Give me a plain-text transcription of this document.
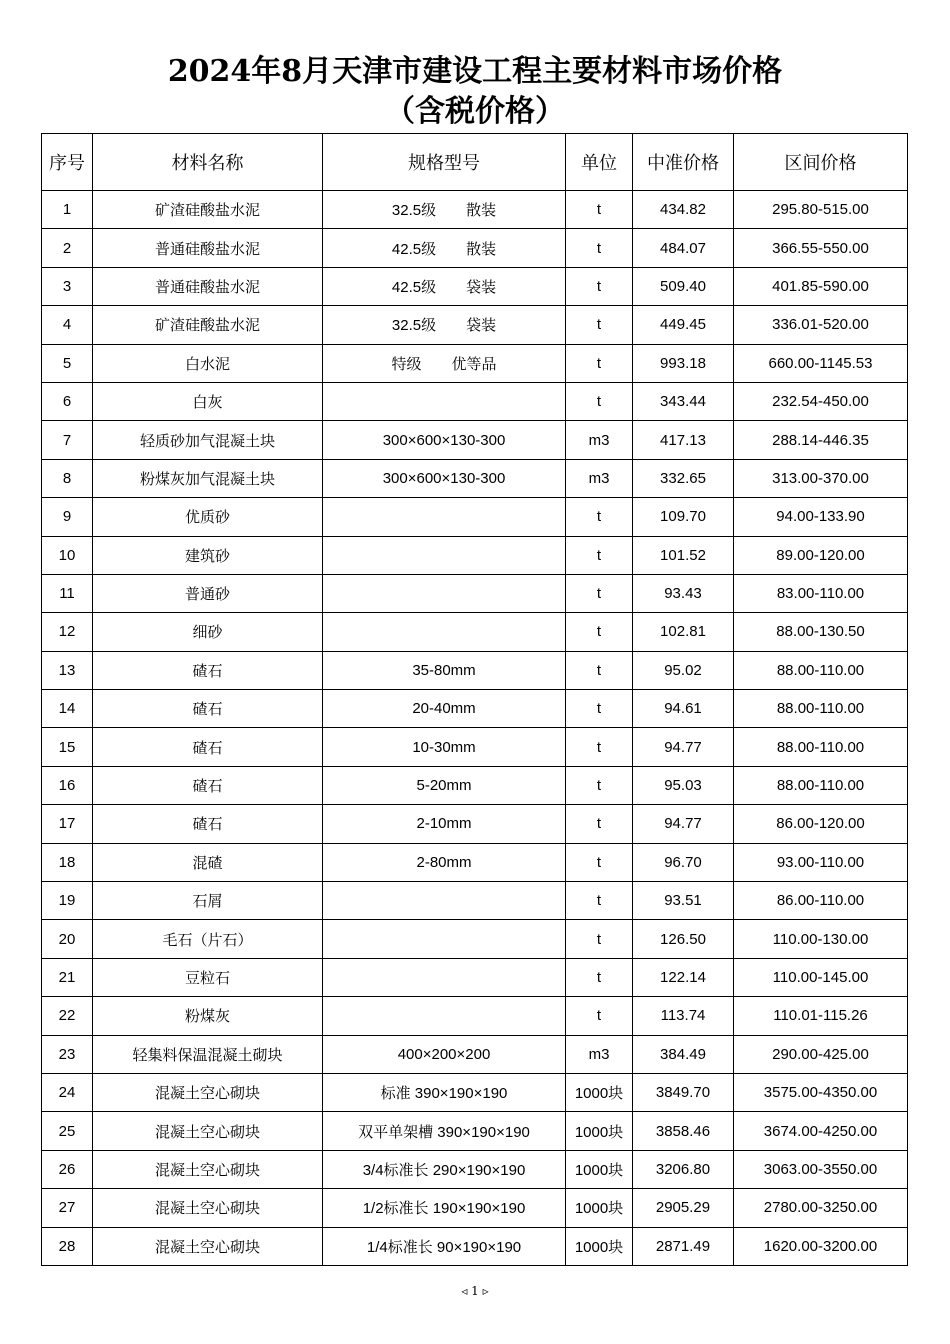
2024年8月天津市建设工程主要材料市场价格
（含税价格）
序号	材料名称	规格型号	单位	中准价格	区间价格
1	矿渣硅酸盐水泥	32.5级　　散装	t	434.82	295.80-515.00
2	普通硅酸盐水泥	42.5级　　散装	t	484.07	366.55-550.00
3	普通硅酸盐水泥	42.5级　　袋装	t	509.40	401.85-590.00
4	矿渣硅酸盐水泥	32.5级　　袋装	t	449.45	336.01-520.00
5	白水泥	特级　　优等品	t	993.18	660.00-1145.53
6	白灰		t	343.44	232.54-450.00
7	轻质砂加气混凝土块	300×600×130-300	m3	417.13	288.14-446.35
8	粉煤灰加气混凝土块	300×600×130-300	m3	332.65	313.00-370.00
9	优质砂		t	109.70	94.00-133.90
10	建筑砂		t	101.52	89.00-120.00
11	普通砂		t	93.43	83.00-110.00
12	细砂		t	102.81	88.00-130.50
13	碴石	35-80mm	t	95.02	88.00-110.00
14	碴石	20-40mm	t	94.61	88.00-110.00
15	碴石	10-30mm	t	94.77	88.00-110.00
16	碴石	5-20mm	t	95.03	88.00-110.00
17	碴石	2-10mm	t	94.77	86.00-120.00
18	混碴	2-80mm	t	96.70	93.00-110.00
19	石屑		t	93.51	86.00-110.00
20	毛石（片石）		t	126.50	110.00-130.00
21	豆粒石		t	122.14	110.00-145.00
22	粉煤灰		t	113.74	110.01-115.26
23	轻集料保温混凝土砌块	400×200×200	m3	384.49	290.00-425.00
24	混凝土空心砌块	标准 390×190×190	1000块	3849.70	3575.00-4350.00
25	混凝土空心砌块	双平单架槽 390×190×190	1000块	3858.46	3674.00-4250.00
26	混凝土空心砌块	3/4标准长 290×190×190	1000块	3206.80	3063.00-3550.00
27	混凝土空心砌块	1/2标准长 190×190×190	1000块	2905.29	2780.00-3250.00
28	混凝土空心砌块	1/4标准长 90×190×190	1000块	2871.49	1620.00-3200.00
◃ 1 ▹
